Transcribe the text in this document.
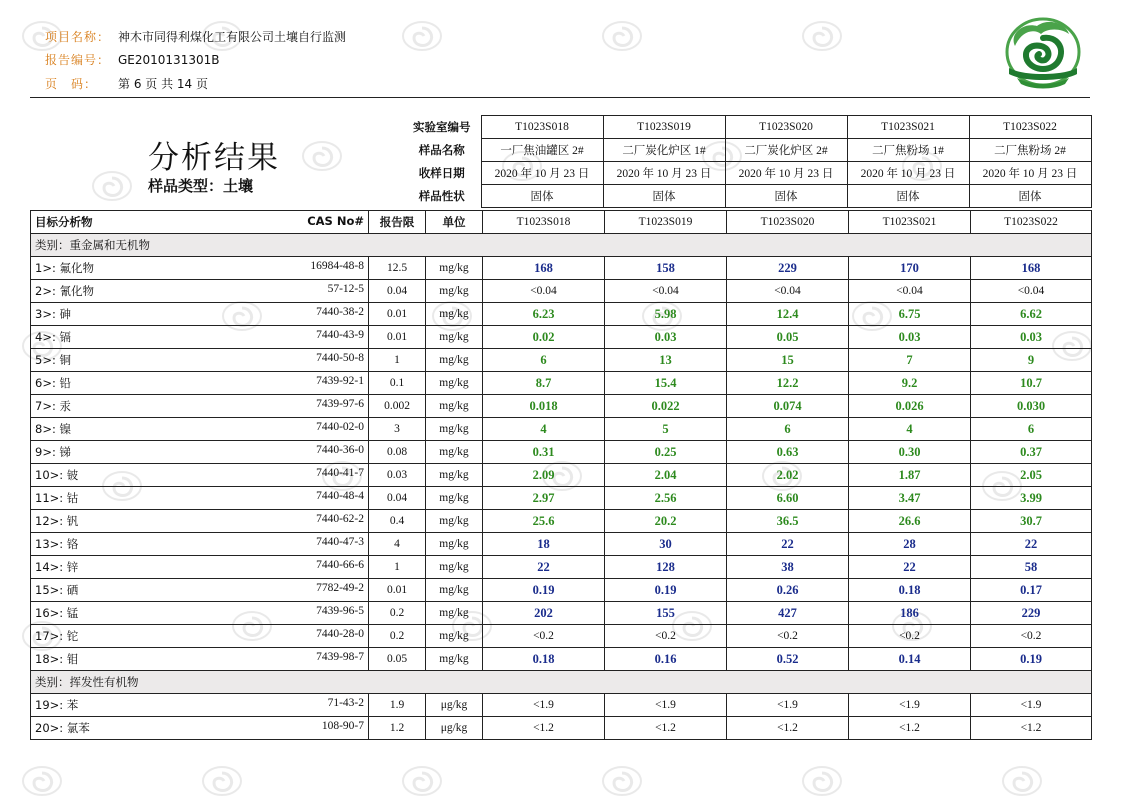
项目名称： 神木市同得利煤化工有限公司土壤自行监测
报告编号： GE2010131301B
页　码： 第 6 页 共 14 页
分析结果
样品类型：土壤
实验室编号	T1023S018	T1023S019	T1023S020	T1023S021	T1023S022
样品名称	一厂焦油罐区 2#	二厂炭化炉区 1#	二厂炭化炉区 2#	二厂焦粉场 1#	二厂焦粉场 2#
收样日期	2020 年 10 月 23 日	2020 年 10 月 23 日	2020 年 10 月 23 日	2020 年 10 月 23 日	2020 年 10 月 23 日
样品性状	固体	固体	固体	固体	固体
目标分析物 CAS No#	报告限	单位	T1023S018	T1023S019	T1023S020	T1023S021	T1023S022
类别：重金属和无机物							

1>: 氟化物 16984-48-8	12.5	mg/kg	168	158	229	170	168

2>: 氰化物 57-12-5	0.04	mg/kg	<0.04	<0.04	<0.04	<0.04	<0.04

3>: 砷 7440-38-2	0.01	mg/kg	6.23	5.98	12.4	6.75	6.62

4>: 镉 7440-43-9	0.01	mg/kg	0.02	0.03	0.05	0.03	0.03

5>: 铜 7440-50-8	1	mg/kg	6	13	15	7	9

6>: 铅 7439-92-1	0.1	mg/kg	8.7	15.4	12.2	9.2	10.7

7>: 汞 7439-97-6	0.002	mg/kg	0.018	0.022	0.074	0.026	0.030

8>: 镍 7440-02-0	3	mg/kg	4	5	6	4	6

9>: 锑 7440-36-0	0.08	mg/kg	0.31	0.25	0.63	0.30	0.37

10>: 铍 7440-41-7	0.03	mg/kg	2.09	2.04	2.02	1.87	2.05

11>: 钴 7440-48-4	0.04	mg/kg	2.97	2.56	6.60	3.47	3.99

12>: 钒 7440-62-2	0.4	mg/kg	25.6	20.2	36.5	26.6	30.7

13>: 铬 7440-47-3	4	mg/kg	18	30	22	28	22

14>: 锌 7440-66-6	1	mg/kg	22	128	38	22	58

15>: 硒 7782-49-2	0.01	mg/kg	0.19	0.19	0.26	0.18	0.17

16>: 锰 7439-96-5	0.2	mg/kg	202	155	427	186	229

17>: 铊 7440-28-0	0.2	mg/kg	<0.2	<0.2	<0.2	<0.2	<0.2

18>: 钼 7439-98-7	0.05	mg/kg	0.18	0.16	0.52	0.14	0.19
类别：挥发性有机物							

19>: 苯 71-43-2	1.9	μg/kg	<1.9	<1.9	<1.9	<1.9	<1.9

20>: 氯苯 108-90-7	1.2	μg/kg	<1.2	<1.2	<1.2	<1.2	<1.2
